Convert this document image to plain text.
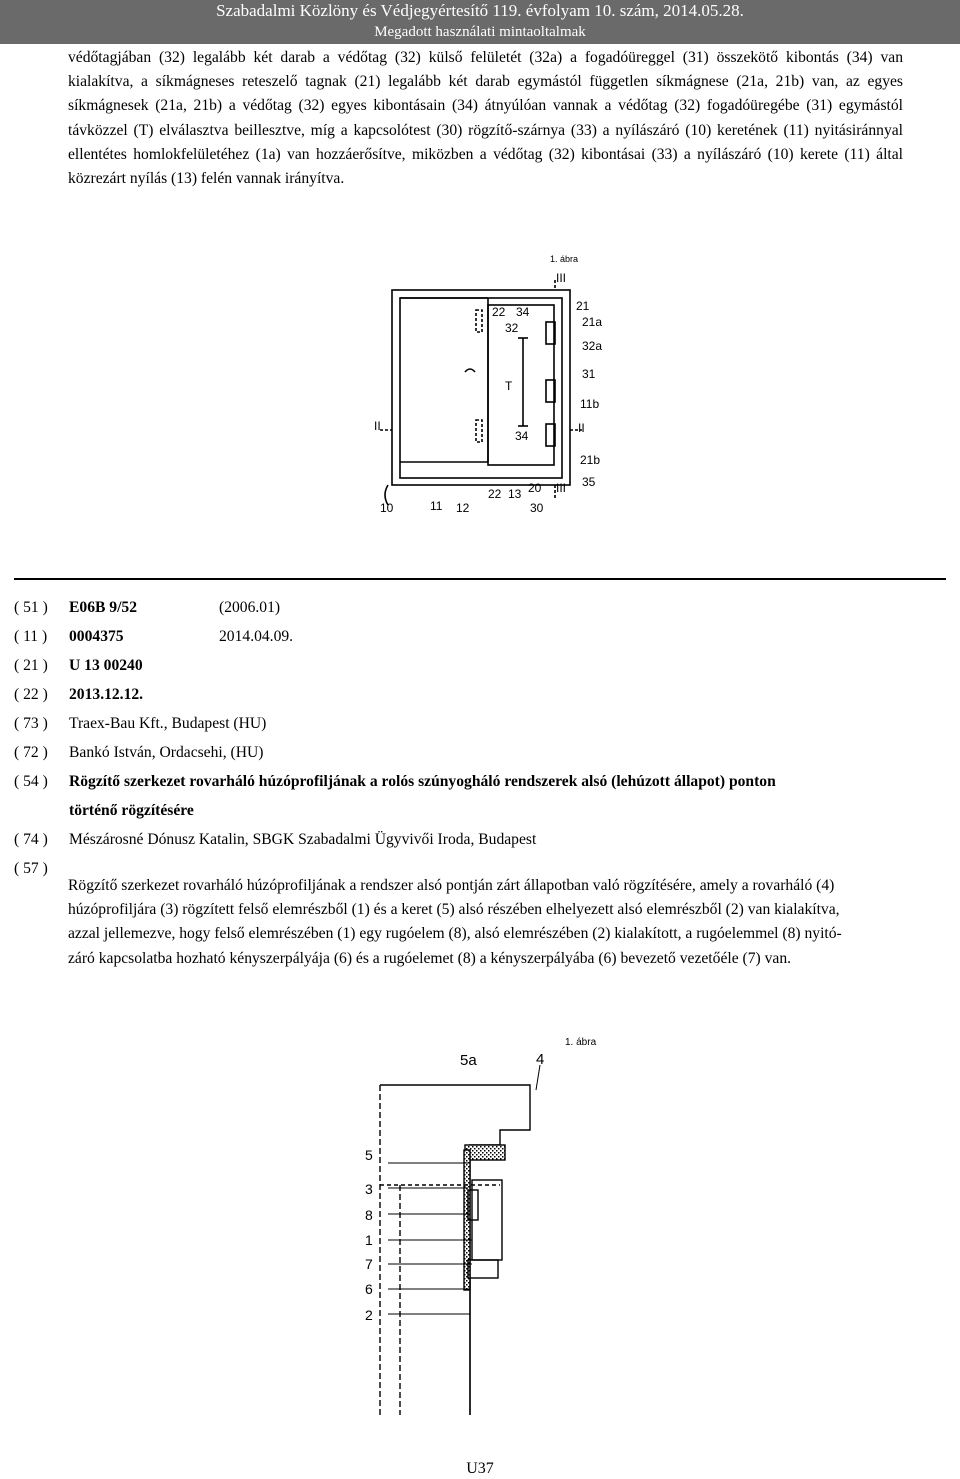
Szabadalmi Közlöny és Védjegyértesítő 119. évfolyam 10. szám, 2014.05.28.
Megadott használati mintaoltalmak
védőtagjában (32) legalább két darab a védőtag (32) külső felületét (32a) a fogadóüreggel (31) összekötő kibontás (34) van kialakítva, a síkmágneses reteszelő tagnak (21) legalább két darab egymástól független síkmágnese (21a, 21b) van, az egyes síkmágnesek (21a, 21b) a védőtag (32) egyes kibontásain (34) átnyúlóan vannak a védőtag (32) fogadóüregébe (31) egymástól távközzel (T) elválasztva beillesztve, míg a kapcsolótest (30) rögzítő-szárnya (33) a nyílászáró (10) keretének (11) nyitásiránnyal ellentétes homlokfelületéhez (1a) van hozzáerősítve, miközben a védőtag (32) kibontásai (33) a nyílászáró (10) kerete (11) által közrezárt nyílás (13) felén vannak irányítva.
1. ábra
III
22 34
32
21
21a
32a
T
31
11b
II
34
II
21b
22 13 20 III 35
10	11 12	30
( 51 )	E06B 9/52	(2006.01)
( 11 )	0004375	2014.04.09.
( 21 )	U 13 00240
( 22 )	2013.12.12.
( 73 )	Traex-Bau Kft., Budapest (HU)
( 72 )	Bankó István, Ordacsehi, (HU)
( 54 )	Rögzítő szerkezet rovarháló húzóprofiljának a rolós szúnyogháló rendszerek alsó (lehúzott állapot) ponton
történő rögzítésére
( 74 )	Mészárosné Dónusz Katalin, SBGK Szabadalmi Ügyvivői Iroda, Budapest
( 57 )
Rögzítő szerkezet rovarháló húzóprofiljának a rendszer alsó pontján zárt állapotban való rögzítésére, amely a rovarháló (4) húzóprofiljára (3) rögzített felső elemrészből (1) és a keret (5) alsó részében elhelyezett alsó elemrészből (2) van kialakítva, azzal jellemezve, hogy felső elemrészében (1) egy rugóelem (8), alsó elemrészében (2) kialakított, a rugóelemmel (8) nyitó-záró kapcsolatba hozható kényszerpályája (6) és a rugóelemet (8) a kényszerpályába (6) bevezető vezetőéle (7) van.
1. ábra
5a	4
5
3
8
1
7
6
2
U37
